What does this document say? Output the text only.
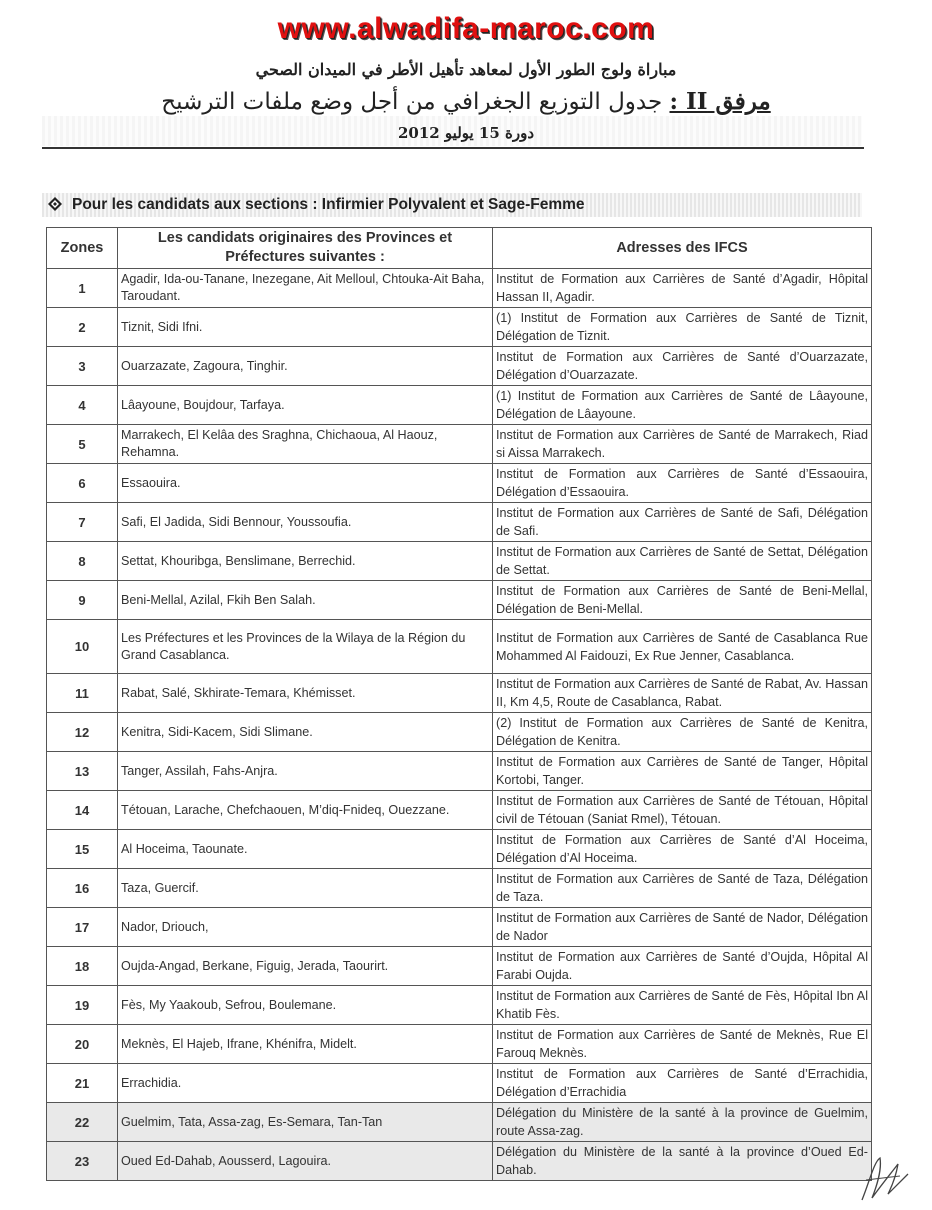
www.alwadifa-maroc.com
مباراة ولوج الطور الأول لمعاهد تأهيل الأطر في الميدان الصحي
مرفق II : جدول التوزيع الجغرافي من أجل وضع ملفات الترشيح
دورة 15 يوليو 2012
Pour les candidats aux sections : Infirmier Polyvalent et Sage-Femme
Zones	Les candidats originaires des Provinces et Préfectures suivantes :	Adresses des IFCS
1	Agadir, Ida-ou-Tanane, Inezegane, Ait Melloul, Chtouka-Ait Baha, Taroudant.	Institut de Formation aux Carrières de Santé d’Agadir, Hôpital Hassan II, Agadir.
2	Tiznit, Sidi Ifni.	(1) Institut de Formation aux Carrières de Santé de Tiznit, Délégation de Tiznit.
3	Ouarzazate, Zagoura, Tinghir.	Institut de Formation aux Carrières de Santé d’Ouarzazate, Délégation d’Ouarzazate.
4	Lâayoune, Boujdour, Tarfaya.	(1) Institut de Formation aux Carrières de Santé de Lâayoune, Délégation de Lâayoune.
5	Marrakech, El Kelâa des Sraghna, Chichaoua, Al Haouz, Rehamna.	Institut de Formation aux Carrières de Santé de Marrakech, Riad si Aissa Marrakech.
6	Essaouira.	Institut de Formation aux Carrières de Santé d’Essaouira, Délégation d’Essaouira.
7	Safi, El Jadida, Sidi Bennour, Youssoufia.	Institut de Formation aux Carrières de Santé de Safi, Délégation de Safi.
8	Settat, Khouribga, Benslimane, Berrechid.	Institut de Formation aux Carrières de Santé de Settat, Délégation de Settat.
9	Beni-Mellal, Azilal, Fkih Ben Salah.	Institut de Formation aux Carrières de Santé de Beni-Mellal, Délégation de Beni-Mellal.
10	Les Préfectures et les Provinces de la Wilaya de la Région du Grand Casablanca.	Institut de Formation aux Carrières de Santé de Casablanca Rue Mohammed Al Faidouzi, Ex Rue Jenner, Casablanca.
11	Rabat, Salé, Skhirate-Temara, Khémisset.	Institut de Formation aux Carrières de Santé de Rabat, Av. Hassan II, Km 4,5, Route de Casablanca, Rabat.
12	Kenitra, Sidi-Kacem, Sidi Slimane.	(2) Institut de Formation aux Carrières de Santé de Kenitra, Délégation de Kenitra.
13	Tanger, Assilah, Fahs-Anjra.	Institut de Formation aux Carrières de Santé de Tanger, Hôpital Kortobi, Tanger.
14	Tétouan, Larache, Chefchaouen, M’diq-Fnideq, Ouezzane.	Institut de Formation aux Carrières de Santé de Tétouan, Hôpital civil de Tétouan (Saniat Rmel), Tétouan.
15	Al Hoceima, Taounate.	Institut de Formation aux Carrières de Santé d’Al Hoceima, Délégation d’Al Hoceima.
16	Taza, Guercif.	Institut de Formation aux Carrières de Santé de Taza, Délégation de Taza.
17	Nador, Driouch,	Institut de Formation aux Carrières de Santé de Nador, Délégation de Nador
18	Oujda-Angad, Berkane, Figuig, Jerada, Taourirt.	Institut de Formation aux Carrières de Santé d’Oujda, Hôpital Al Farabi Oujda.
19	Fès, My Yaakoub, Sefrou, Boulemane.	Institut de Formation aux Carrières de Santé de Fès, Hôpital Ibn Al Khatib Fès.
20	Meknès, El Hajeb, Ifrane, Khénifra, Midelt.	Institut de Formation aux Carrières de Santé de Meknès, Rue El Farouq Meknès.
21	Errachidia.	Institut de Formation aux Carrières de Santé d’Errachidia, Délégation d’Errachidia
22	Guelmim, Tata, Assa-zag, Es-Semara, Tan-Tan	Délégation du Ministère de la santé à la province de Guelmim, route Assa-zag.
23	Oued Ed-Dahab, Aousserd, Lagouira.	Délégation du Ministère de la santé à la province d’Oued Ed-Dahab.
